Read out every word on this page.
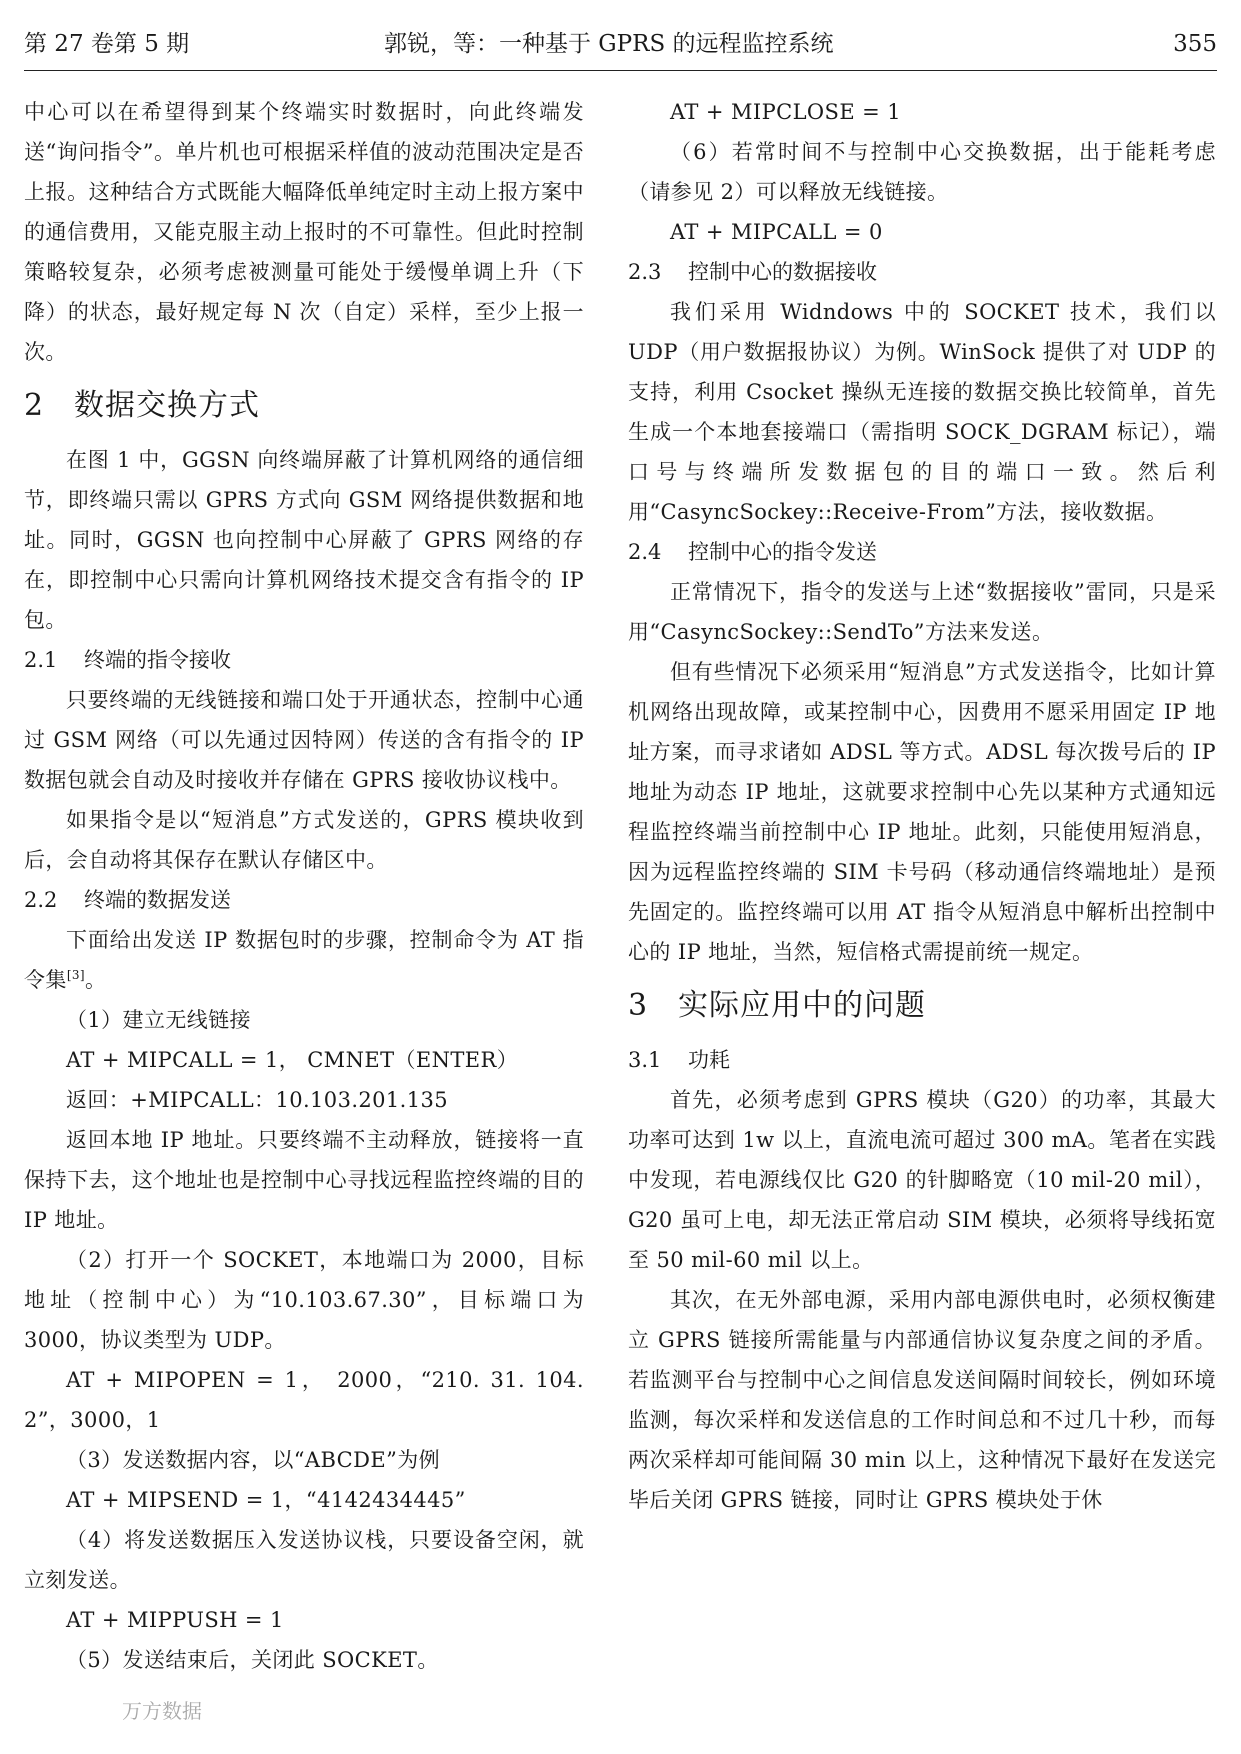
第 27 卷第 5 期	郭锐，等：一种基于 GPRS 的远程监控系统	355

中心可以在希望得到某个终端实时数据时，向此终端发送“询问指令”。单片机也可根据采样值的波动范围决定是否上报。这种结合方式既能大幅降低单纯定时主动上报方案中的通信费用，又能克服主动上报时的不可靠性。但此时控制策略较复杂，必须考虑被测量可能处于缓慢单调上升（下降）的状态，最好规定每 N 次（自定）采样，至少上报一次。

2 数据交换方式

在图 1 中，GGSN 向终端屏蔽了计算机网络的通信细节，即终端只需以 GPRS 方式向 GSM 网络提供数据和地址。同时，GGSN 也向控制中心屏蔽了 GPRS 网络的存在，即控制中心只需向计算机网络技术提交含有指令的 IP 包。

2.1 终端的指令接收

只要终端的无线链接和端口处于开通状态，控制中心通过 GSM 网络（可以先通过因特网）传送的含有指令的 IP 数据包就会自动及时接收并存储在 GPRS 接收协议栈中。

如果指令是以“短消息”方式发送的，GPRS 模块收到后，会自动将其保存在默认存储区中。

2.2 终端的数据发送

下面给出发送 IP 数据包时的步骤，控制命令为 AT 指令集[3]。

（1）建立无线链接

AT + MIPCALL = 1， CMNET（ENTER）

返回：+MIPCALL：10.103.201.135

返回本地 IP 地址。只要终端不主动释放，链接将一直保持下去，这个地址也是控制中心寻找远程监控终端的目的 IP 地址。

（2）打开一个 SOCKET，本地端口为 2000，目标地址（控制中心）为“10.103.67.30”，目标端口为 3000，协议类型为 UDP。

AT + MIPOPEN = 1， 2000，“210. 31. 104. 2”，3000，1

（3）发送数据内容，以“ABCDE”为例

AT + MIPSEND = 1，“4142434445”

（4）将发送数据压入发送协议栈，只要设备空闲，就立刻发送。

AT + MIPPUSH = 1

（5）发送结束后，关闭此 SOCKET。

AT + MIPCLOSE = 1

（6）若常时间不与控制中心交换数据，出于能耗考虑（请参见 2）可以释放无线链接。

AT + MIPCALL = 0

2.3 控制中心的数据接收

我们采用 Widndows 中的 SOCKET 技术，我们以 UDP（用户数据报协议）为例。WinSock 提供了对 UDP 的支持，利用 Csocket 操纵无连接的数据交换比较简单，首先生成一个本地套接端口（需指明 SOCK_DGRAM 标记），端口号与终端所发数据包的目的端口一致。然后利用“CasyncSockey::Receive-From”方法，接收数据。

2.4 控制中心的指令发送

正常情况下，指令的发送与上述“数据接收”雷同，只是采用“CasyncSockey::SendTo”方法来发送。

但有些情况下必须采用“短消息”方式发送指令，比如计算机网络出现故障，或某控制中心，因费用不愿采用固定 IP 地址方案，而寻求诸如 ADSL 等方式。ADSL 每次拨号后的 IP 地址为动态 IP 地址，这就要求控制中心先以某种方式通知远程监控终端当前控制中心 IP 地址。此刻，只能使用短消息，因为远程监控终端的 SIM 卡号码（移动通信终端地址）是预先固定的。监控终端可以用 AT 指令从短消息中解析出控制中心的 IP 地址，当然，短信格式需提前统一规定。

3 实际应用中的问题
3.1 功耗

首先，必须考虑到 GPRS 模块（G20）的功率，其最大功率可达到 1w 以上，直流电流可超过 300 mA。笔者在实践中发现，若电源线仅比 G20 的针脚略宽（10 mil-20 mil），G20 虽可上电，却无法正常启动 SIM 模块，必须将导线拓宽至 50 mil-60 mil 以上。

其次，在无外部电源，采用内部电源供电时，必须权衡建立 GPRS 链接所需能量与内部通信协议复杂度之间的矛盾。若监测平台与控制中心之间信息发送间隔时间较长，例如环境监测，每次采样和发送信息的工作时间总和不过几十秒，而每两次采样却可能间隔 30 min 以上，这种情况下最好在发送完毕后关闭 GPRS 链接，同时让 GPRS 模块处于休

万方数据
